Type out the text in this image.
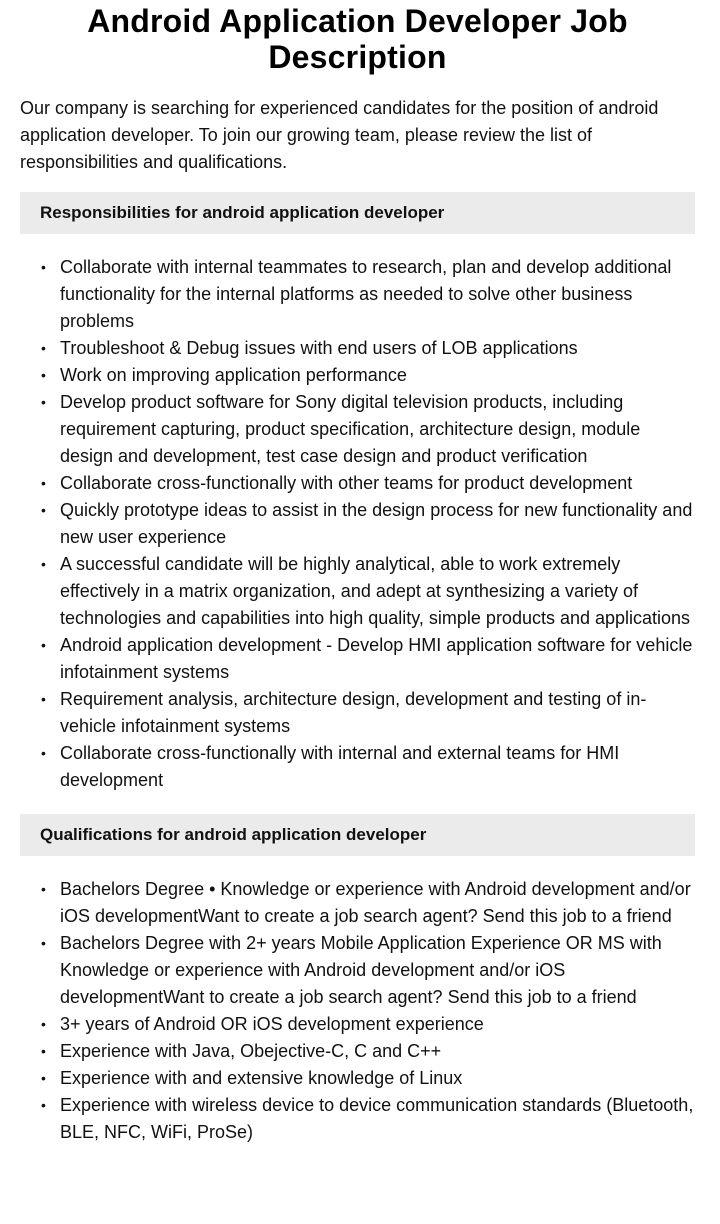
Android Application Developer Job Description

Our company is searching for experienced candidates for the position of android application developer. To join our growing team, please review the list of responsibilities and qualifications.

Responsibilities for android application developer
• Collaborate with internal teammates to research, plan and develop additional functionality for the internal platforms as needed to solve other business problems
• Troubleshoot & Debug issues with end users of LOB applications
• Work on improving application performance
• Develop product software for Sony digital television products, including requirement capturing, product specification, architecture design, module design and development, test case design and product verification
• Collaborate cross-functionally with other teams for product development
• Quickly prototype ideas to assist in the design process for new functionality and new user experience
• A successful candidate will be highly analytical, able to work extremely effectively in a matrix organization, and adept at synthesizing a variety of technologies and capabilities into high quality, simple products and applications
• Android application development - Develop HMI application software for vehicle infotainment systems
• Requirement analysis, architecture design, development and testing of in-vehicle infotainment systems
• Collaborate cross-functionally with internal and external teams for HMI development
Qualifications for android application developer
• Bachelors Degree • Knowledge or experience with Android development and/or iOS developmentWant to create a job search agent? Send this job to a friend
• Bachelors Degree with 2+ years Mobile Application Experience OR MS with Knowledge or experience with Android development and/or iOS developmentWant to create a job search agent? Send this job to a friend
• 3+ years of Android OR iOS development experience
• Experience with Java, Obejective-C, C and C++
• Experience with and extensive knowledge of Linux
• Experience with wireless device to device communication standards (Bluetooth, BLE, NFC, WiFi, ProSe)
